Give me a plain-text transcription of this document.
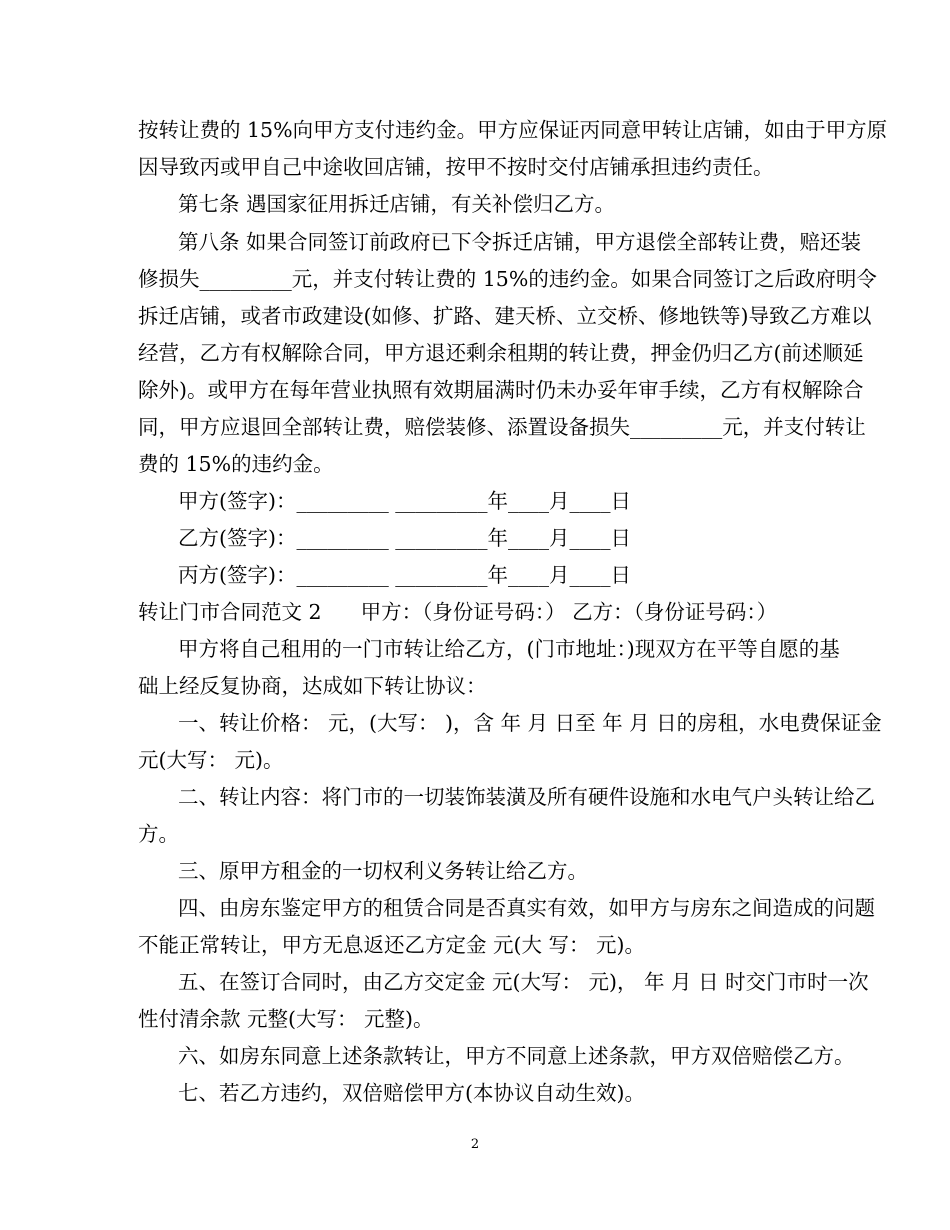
按转让费的 15%向甲方支付违约金。甲方应保证丙同意甲转让店铺，如由于甲方原
因导致丙或甲自己中途收回店铺，按甲不按时交付店铺承担违约责任。
第七条 遇国家征用拆迁店铺，有关补偿归乙方。
第八条 如果合同签订前政府已下令拆迁店铺，甲方退偿全部转让费，赔还装
修损失_________元，并支付转让费的 15%的违约金。如果合同签订之后政府明令
拆迁店铺，或者市政建设(如修、扩路、建天桥、立交桥、修地铁等)导致乙方难以
经营，乙方有权解除合同，甲方退还剩余租期的转让费，押金仍归乙方(前述顺延
除外)。或甲方在每年营业执照有效期届满时仍未办妥年审手续，乙方有权解除合
同，甲方应退回全部转让费，赔偿装修、添置设备损失_________元，并支付转让
费的 15%的违约金。
甲方(签字)：_________ _________年____月____日
乙方(签字)：_________ _________年____月____日
丙方(签字)：_________ _________年____月____日
转让门市合同范文 2      甲方：（身份证号码：） 乙方：（身份证号码：）
甲方将自己租用的一门市转让给乙方，(门市地址：)现双方在平等自愿的基
础上经反复协商，达成如下转让协议：
一、转让价格： 元，(大写： )，含 年 月 日至 年 月 日的房租，水电费保证金
元(大写： 元)。
二、转让内容：将门市的一切装饰装潢及所有硬件设施和水电气户头转让给乙
方。
三、原甲方租金的一切权利义务转让给乙方。
四、由房东鉴定甲方的租赁合同是否真实有效，如甲方与房东之间造成的问题
不能正常转让，甲方无息返还乙方定金 元(大 写： 元)。
五、在签订合同时，由乙方交定金 元(大写： 元)， 年 月 日 时交门市时一次
性付清余款 元整(大写： 元整)。
六、如房东同意上述条款转让，甲方不同意上述条款，甲方双倍赔偿乙方。
七、若乙方违约，双倍赔偿甲方(本协议自动生效)。
2
